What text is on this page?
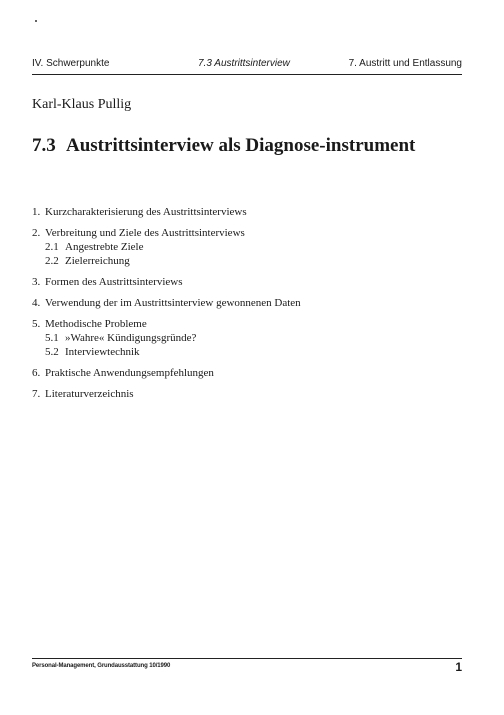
IV. Schwerpunkte	7.3 Austrittsinterview	7. Austritt und Entlassung
Karl-Klaus Pullig
7.3 Austrittsinterview als Diagnose-instrument
1. Kurzcharakterisierung des Austrittsinterviews
2. Verbreitung und Ziele des Austrittsinterviews
2.1 Angestrebte Ziele
2.2 Zielerreichung
3. Formen des Austrittsinterviews
4. Verwendung der im Austrittsinterview gewonnenen Daten
5. Methodische Probleme
5.1 »Wahre« Kündigungsgründe?
5.2 Interviewtechnik
6. Praktische Anwendungsempfehlungen
7. Literaturverzeichnis
Personal-Management, Grundausstattung 10/1990	1
